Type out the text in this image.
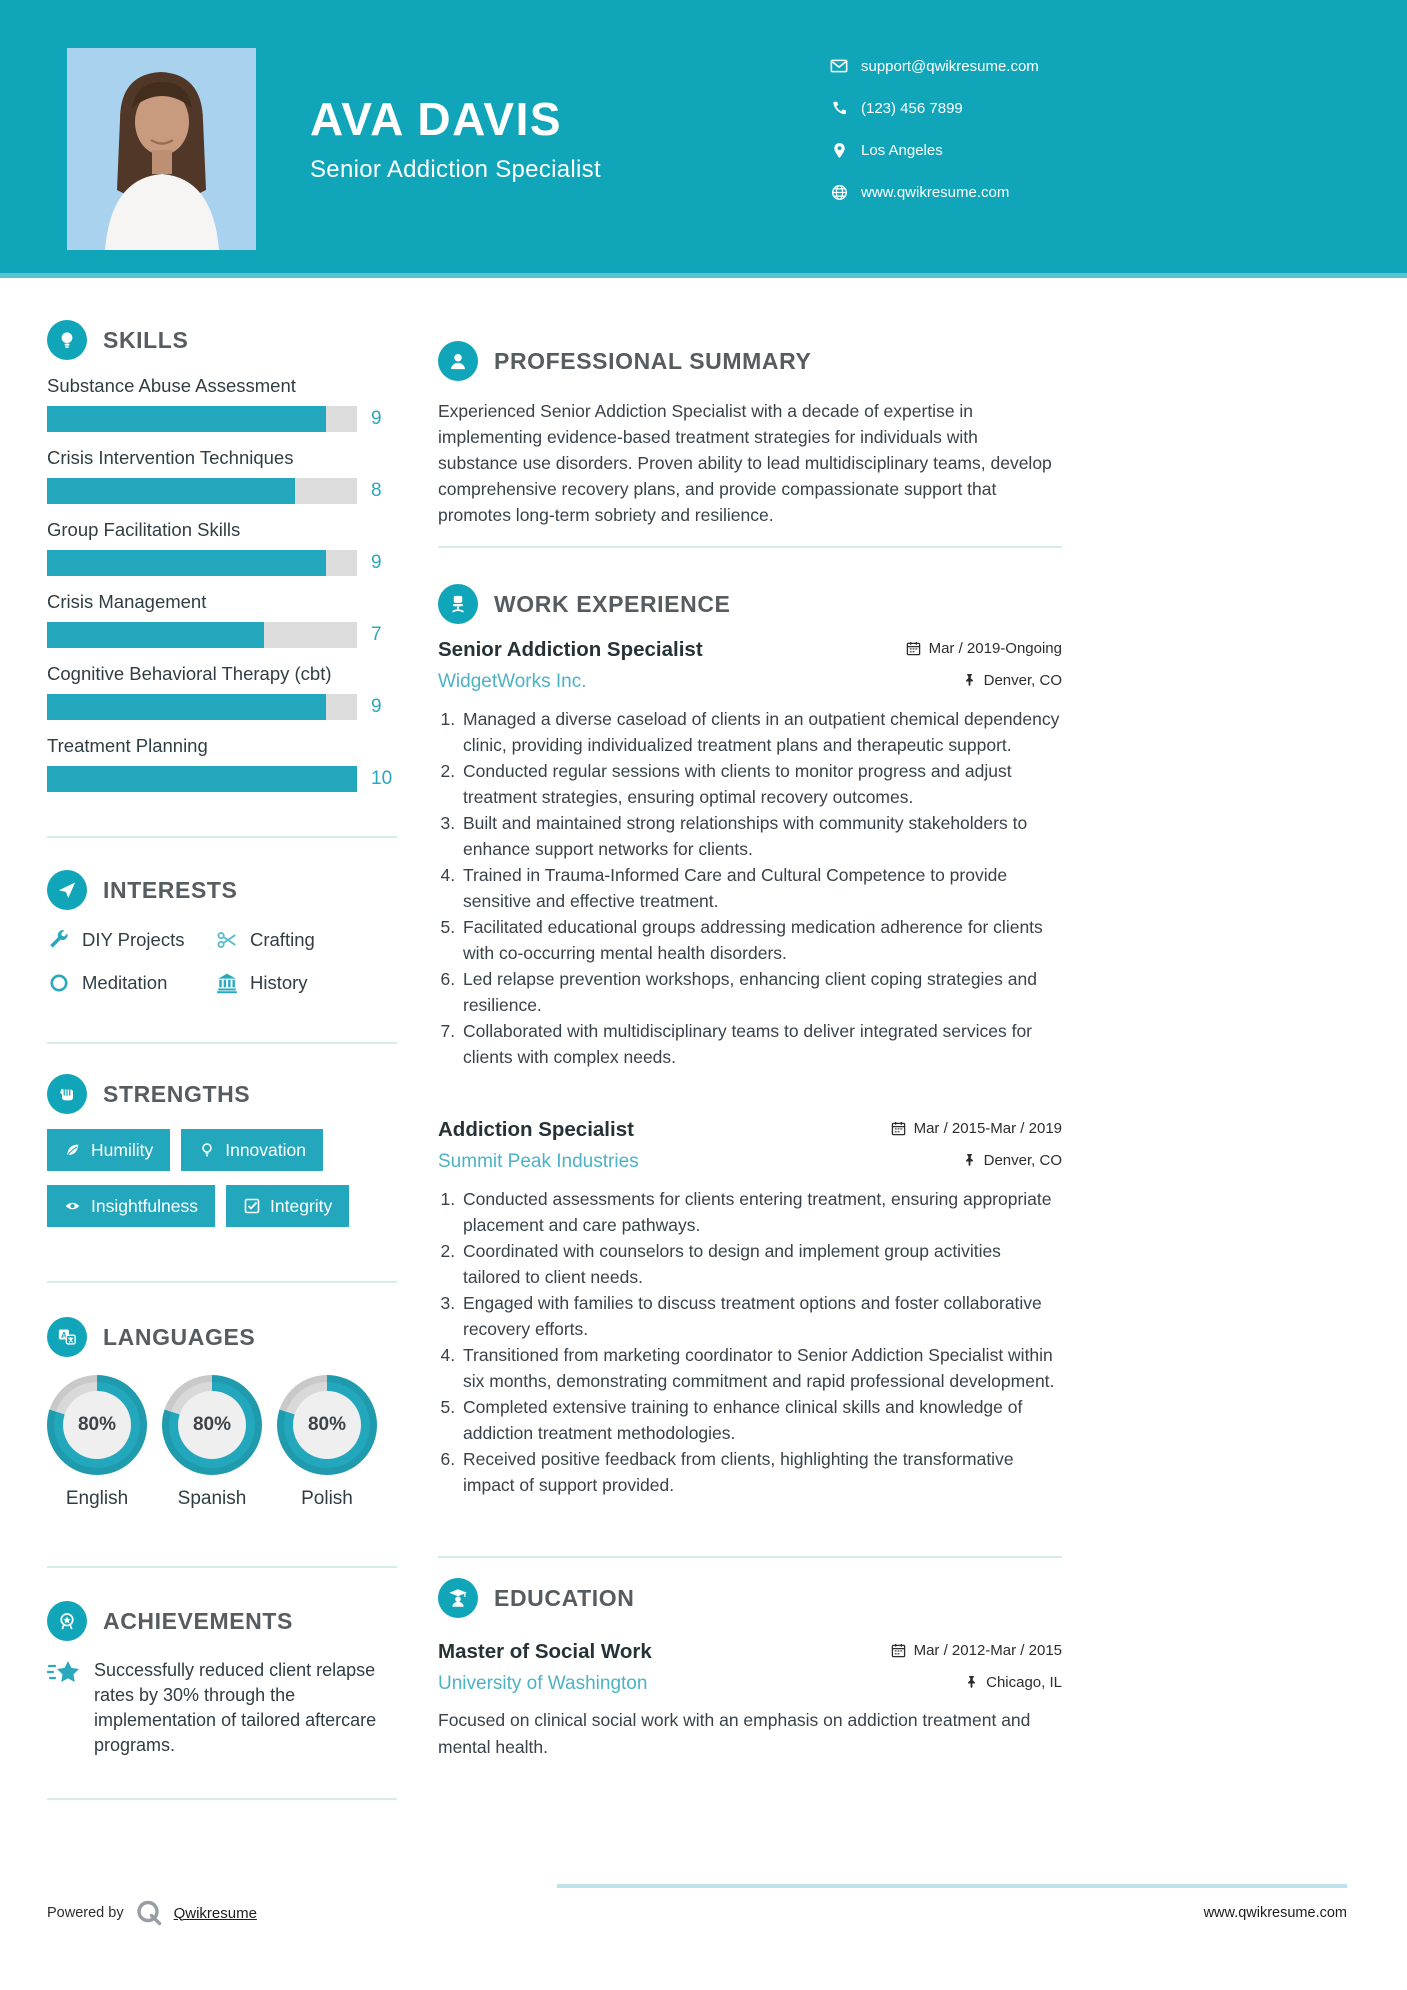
AVA DAVIS
Senior Addiction Specialist
support@qwikresume.com
(123) 456 7899
Los Angeles
www.qwikresume.com
SKILLS
Substance Abuse Assessment
9
Crisis Intervention Techniques
8
Group Facilitation Skills
9
Crisis Management
7
Cognitive Behavioral Therapy (cbt)
9
Treatment Planning
10
INTERESTS
DIY Projects	Crafting
Meditation	History
STRENGTHS
Humility	Innovation
Insightfulness	Integrity
A LANGUAGES
80%
English
80%
Spanish
80%
Polish
ACHIEVEMENTS
Successfully reduced client relapse rates by 30% through the implementation of tailored aftercare programs.
PROFESSIONAL SUMMARY

Experienced Senior Addiction Specialist with a decade of expertise in implementing evidence-based treatment strategies for individuals with substance use disorders. Proven ability to lead multidisciplinary teams, develop comprehensive recovery plans, and provide compassionate support that promotes long-term sobriety and resilience.

WORK EXPERIENCE
Senior Addiction Specialist	Mar / 2019-Ongoing
WidgetWorks Inc.	Denver, CO
1. Managed a diverse caseload of clients in an outpatient chemical dependency clinic, providing individualized treatment plans and therapeutic support.
2. Conducted regular sessions with clients to monitor progress and adjust treatment strategies, ensuring optimal recovery outcomes.
3. Built and maintained strong relationships with community stakeholders to enhance support networks for clients.
4. Trained in Trauma-Informed Care and Cultural Competence to provide sensitive and effective treatment.
5. Facilitated educational groups addressing medication adherence for clients with co-occurring mental health disorders.
6. Led relapse prevention workshops, enhancing client coping strategies and resilience.
7. Collaborated with multidisciplinary teams to deliver integrated services for clients with complex needs.
Addiction Specialist	Mar / 2015-Mar / 2019
Summit Peak Industries	Denver, CO
1. Conducted assessments for clients entering treatment, ensuring appropriate placement and care pathways.
2. Coordinated with counselors to design and implement group activities tailored to client needs.
3. Engaged with families to discuss treatment options and foster collaborative recovery efforts.
4. Transitioned from marketing coordinator to Senior Addiction Specialist within six months, demonstrating commitment and rapid professional development.
5. Completed extensive training to enhance clinical skills and knowledge of addiction treatment methodologies.
6. Received positive feedback from clients, highlighting the transformative impact of support provided.
EDUCATION
Master of Social Work	Mar / 2012-Mar / 2015
University of Washington	Chicago, IL

Focused on clinical social work with an emphasis on addiction treatment and mental health.

Powered by	Qwikresume	www.qwikresume.com
